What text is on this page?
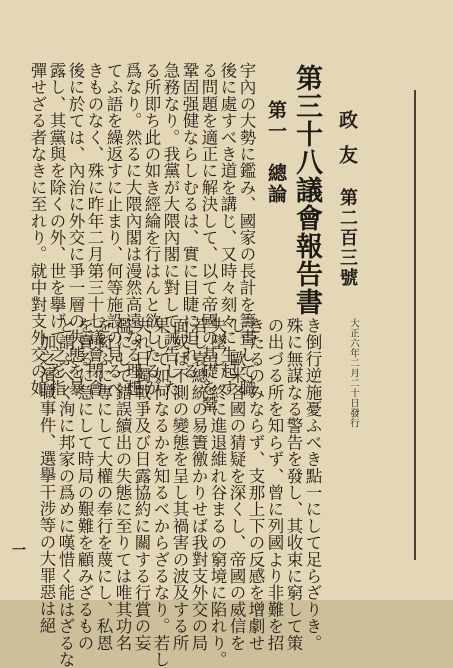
政友
第二百三號
大正六年二月二十日發行
第三十八議會報告書
第一　總論
き倒行逆施憂ふべき點一にして足らざりき。
殊に無謀なる警告を發し、其收束に窮して策
の出づる所を知らず、曾に列國より非難を招
きたるのみならず、支那上下の反感を增劇せ
し、歐米各國の猜疑を深くし、帝國の威信を
失墜し、終に進退維れ谷まるの窮境に陷れり。
若し袁總統の易簀徼かりせば我對支外交の局
面或は不測の變態を呈し其禍害の波及する所
果して如何なるかを知るべからざるなり。若し
夫れ日獨戰爭及び日露協約に關する行賞の妄
濫にして錯誤續出の失態に至りては唯其功名
を衒ふに專にして大權の奉行を蔑にし、私恩
を賣るに急にして時局の艱難を顧みざるもの
と謂ふべく洵に邦家の爲めに嘆惜く能はざるな
加之濱職事件、選擧干涉等の大罪惡は絕
宇內の大勢に鑑み、國家の長計を籌畫して職
後に處すべき道を講じ、又時々刻々に生起す
る問題を適正に解決して、以て帝國の基礎を鞏
鞏固强健ならしむるは、實に目睫に迫れる
急務なり。我黨が大隈內閣に對して誡告した
る所即ち此の如き經綸を行はんと欲したるが
爲なり。然るに大隈內閣は漫然高遠なる理想
てふ語を繰返すに止まり、何等施設の見るべ
きものなく、殊に昨年二月第三十七議會閉會
後に於ては、內治に外交に爭一層の失態を暴
露し、其黨與を除くの外、世を擧げて之を指
彈せざる者なきに至れり。就中對支外交の如
一
